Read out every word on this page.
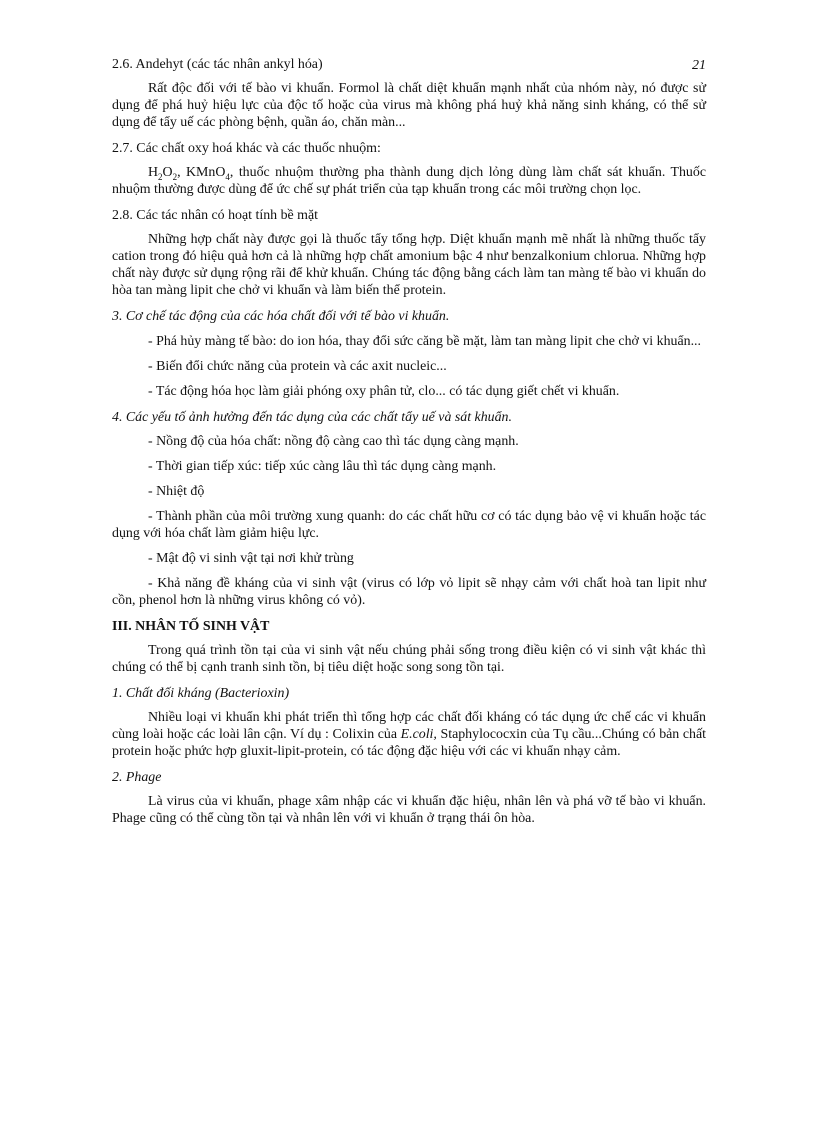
21

2.6. Andehyt (các tác nhân ankyl hóa)

Rất độc đối với tế bào vi khuẩn. Formol là chất diệt khuẩn mạnh nhất của nhóm này, nó được sử dụng để phá huỷ hiệu lực của độc tố hoặc của virus mà không phá huỷ khả năng sinh kháng, có thể sử dụng để tẩy uế các phòng bệnh, quần áo, chăn màn...

2.7. Các chất oxy hoá khác và các thuốc nhuộm:

$H_2O_2$, KMnO$_4$, thuốc nhuộm thường pha thành dung dịch lỏng dùng làm chất sát khuẩn. Thuốc nhuộm thường được dùng để ức chế sự phát triển của tạp khuẩn trong các môi trường chọn lọc.

2.8. Các tác nhân có hoạt tính bề mặt

Những hợp chất này được gọi là thuốc tẩy tổng hợp. Diệt khuẩn mạnh mẽ nhất là những thuốc tẩy cation trong đó hiệu quả hơn cả là những hợp chất amonium bậc 4 như benzalkonium chlorua. Những hợp chất này được sử dụng rộng rãi để khử khuẩn. Chúng tác động bằng cách làm tan màng tế bào vi khuẩn do hòa tan màng lipit che chở vi khuẩn và làm biến thể protein.

3. Cơ chế tác động của các hóa chất đối với tế bào vi khuẩn.

- Phá hủy màng tế bào: do ion hóa, thay đổi sức căng bề mặt, làm tan màng lipit che chở vi khuẩn...

- Biến đổi chức năng của protein và các axit nucleic...

- Tác động hóa học làm giải phóng oxy phân tử, clo... có tác dụng giết chết vi khuẩn.

4. Các yếu tố ảnh hưởng đến tác dụng của các chất tẩy uế và sát khuẩn.

- Nồng độ của hóa chất: nồng độ càng cao thì tác dụng càng mạnh.

- Thời gian tiếp xúc: tiếp xúc càng lâu thì tác dụng càng mạnh.

- Nhiệt độ

- Thành phần của môi trường xung quanh: do các chất hữu cơ có tác dụng bảo vệ vi khuẩn hoặc tác dụng với hóa chất làm giảm hiệu lực.

- Mật độ vi sinh vật tại nơi khử trùng

- Khả năng đề kháng của vi sinh vật (virus có lớp vỏ lipit sẽ nhạy cảm với chất hoà tan lipit như cồn, phenol hơn là những virus không có vỏ).

III. NHÂN TỐ SINH VẬT

Trong quá trình tồn tại của vi sinh vật nếu chúng phải sống trong điều kiện có vi sinh vật khác thì chúng có thể bị cạnh tranh sinh tồn, bị tiêu diệt hoặc song song tồn tại.

1. Chất đối kháng (Bacterioxin)

Nhiều loại vi khuẩn khi phát triển thì tổng hợp các chất đối kháng có tác dụng ức chế các vi khuẩn cùng loài hoặc các loài lân cận. Ví dụ : Colixin của E.coli, Staphylococxin của Tụ cầu...Chúng có bản chất protein hoặc phức hợp gluxit-lipit-protein, có tác động đặc hiệu với các vi khuẩn nhạy cảm.

2. Phage

Là virus của vi khuẩn, phage xâm nhập các vi khuẩn đặc hiệu, nhân lên và phá vỡ tế bào vi khuẩn. Phage cũng có thể cùng tồn tại và nhân lên với vi khuẩn ở trạng thái ôn hòa.
